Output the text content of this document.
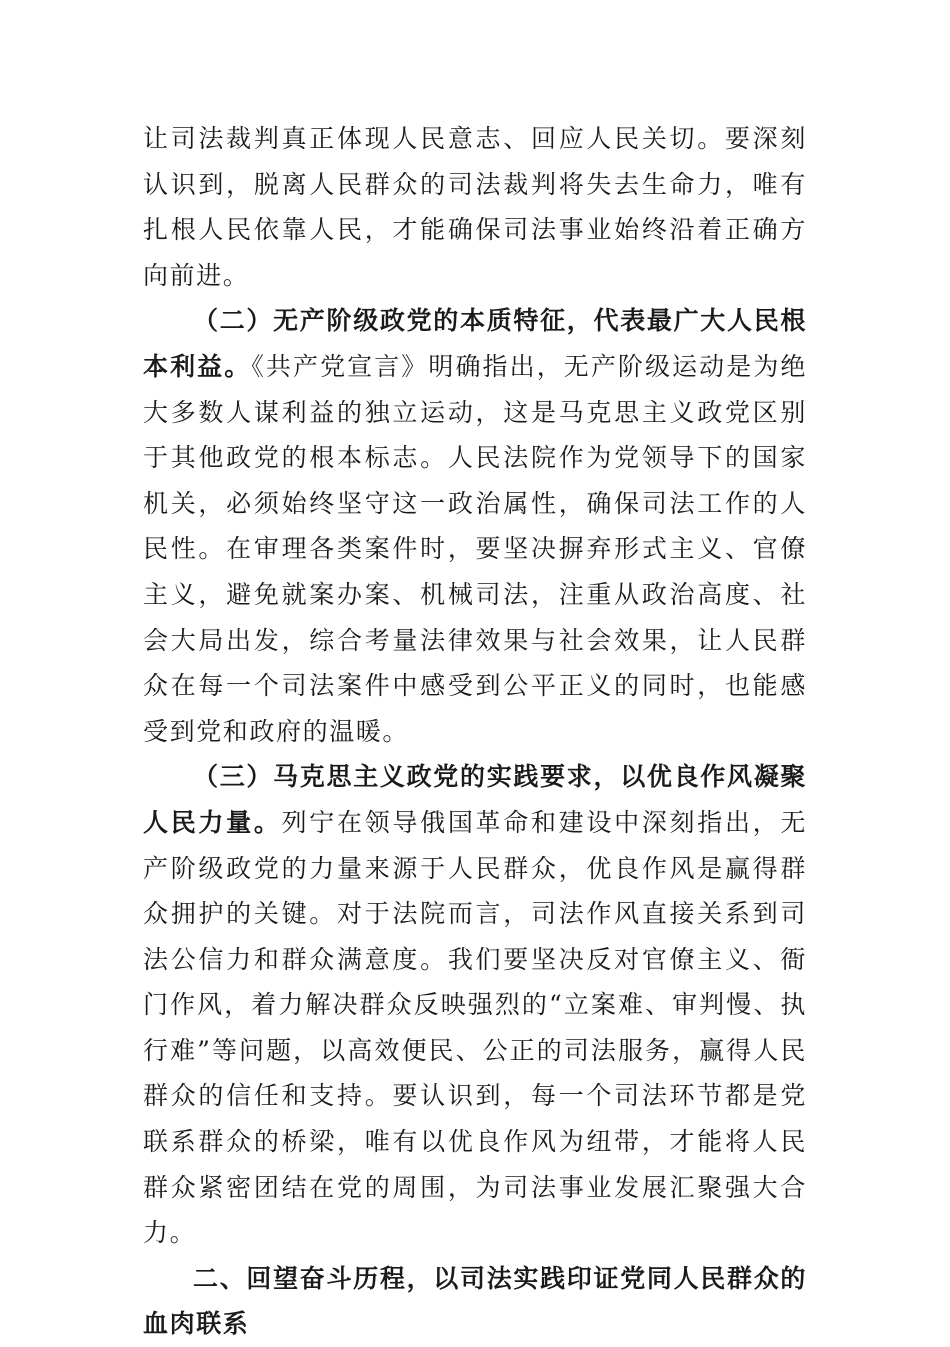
让司法裁判真正体现人民意志、回应人民关切。要深刻认识到，脱离人民群众的司法裁判将失去生命力，唯有扎根人民依靠人民，才能确保司法事业始终沿着正确方向前进。

（二）无产阶级政党的本质特征，代表最广大人民根本利益。《共产党宣言》明确指出，无产阶级运动是为绝大多数人谋利益的独立运动，这是马克思主义政党区别于其他政党的根本标志。人民法院作为党领导下的国家机关，必须始终坚守这一政治属性，确保司法工作的人民性。在审理各类案件时，要坚决摒弃形式主义、官僚主义，避免就案办案、机械司法，注重从政治高度、社会大局出发，综合考量法律效果与社会效果，让人民群众在每一个司法案件中感受到公平正义的同时，也能感受到党和政府的温暖。

（三）马克思主义政党的实践要求，以优良作风凝聚人民力量。列宁在领导俄国革命和建设中深刻指出，无产阶级政党的力量来源于人民群众，优良作风是赢得群众拥护的关键。对于法院而言，司法作风直接关系到司法公信力和群众满意度。我们要坚决反对官僚主义、衙门作风，着力解决群众反映强烈的“立案难、审判慢、执行难”等问题，以高效便民、公正的司法服务，赢得人民群众的信任和支持。要认识到，每一个司法环节都是党联系群众的桥梁，唯有以优良作风为纽带，才能将人民群众紧密团结在党的周围，为司法事业发展汇聚强大合力。

二、回望奋斗历程，以司法实践印证党同人民群众的血肉联系
